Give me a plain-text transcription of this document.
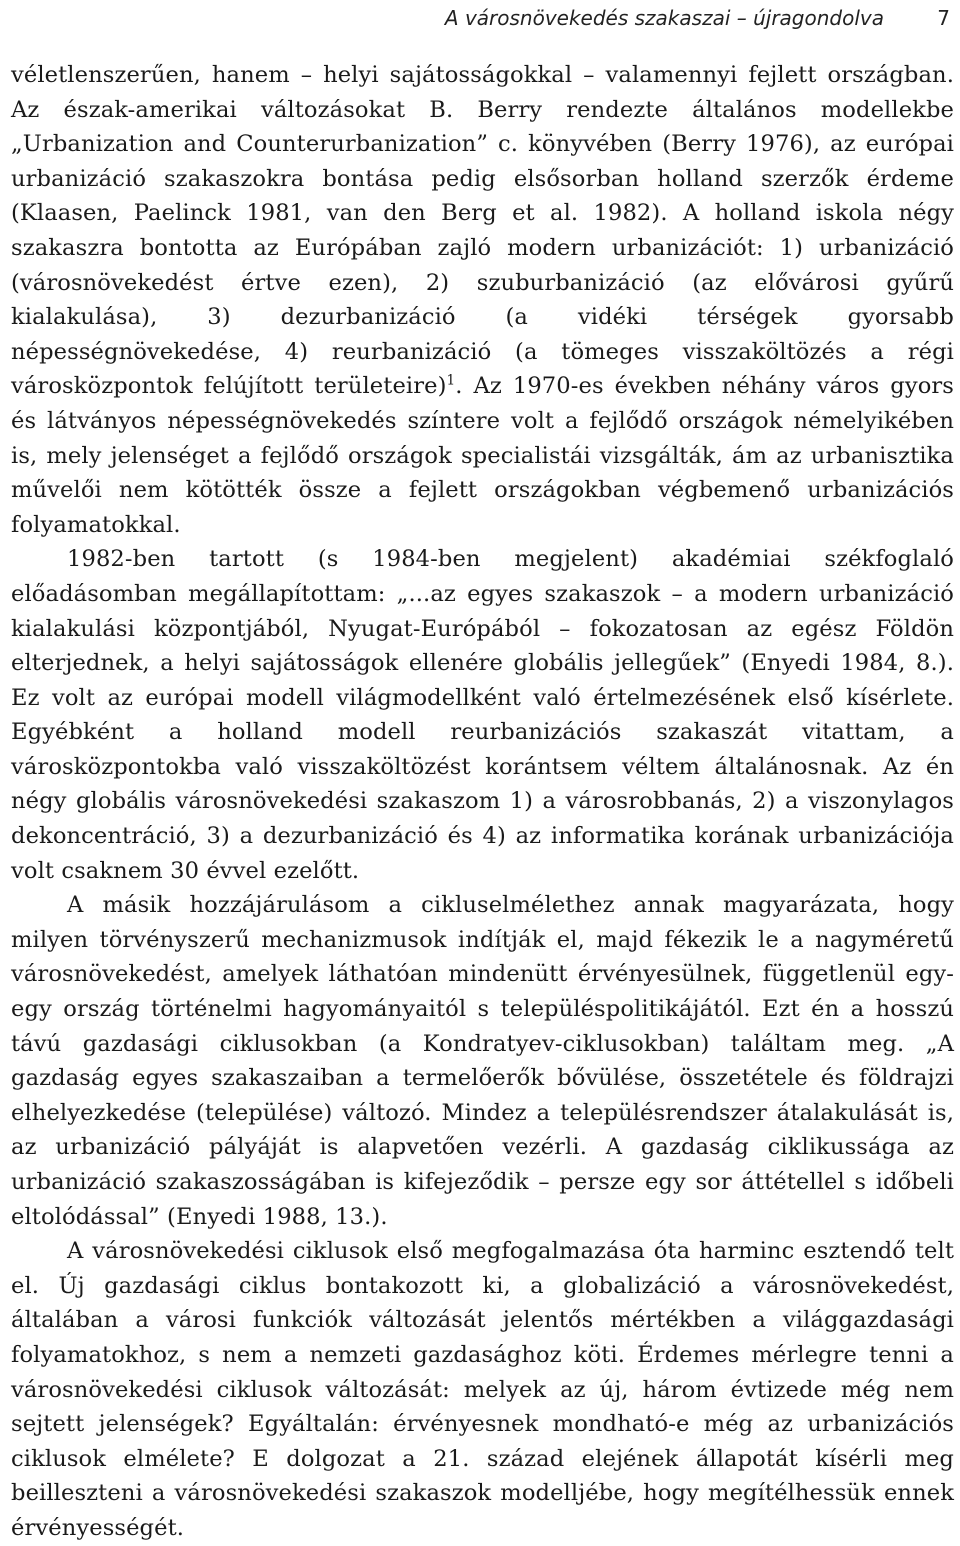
A városnövekedés szakaszai – újragondolva	7

véletlenszerűen, hanem – helyi sajátosságokkal – valamennyi fejlett országban. Az észak-amerikai változásokat B. Berry rendezte általános modellekbe „Urbanization and Counterurbanization” c. könyvében (Berry 1976), az európai urbanizáció szakaszokra bontása pedig elsősorban holland szerzők érdeme (Klaasen, Paelinck 1981, van den Berg et al. 1982). A holland iskola négy szakaszra bontotta az Európában zajló modern urbanizációt: 1) urbanizáció (városnövekedést értve ezen), 2) szuburbanizáció (az elővárosi gyűrű kialakulása), 3) dezurbanizáció (a vidéki térségek gyorsabb népességnövekedése, 4) reurbanizáció (a tömeges visszaköltözés a régi városközpontok felújított területeire)$^1$. Az 1970-es években néhány város gyors és látványos népességnövekedés színtere volt a fejlődő országok némelyikében is, mely jelenséget a fejlődő országok specialistái vizsgálták, ám az urbanisztika művelői nem kötötték össze a fejlett országokban végbemenő urbanizációs folyamatokkal.

1982-ben tartott (s 1984-ben megjelent) akadémiai székfoglaló előadásomban megállapítottam: „...az egyes szakaszok – a modern urbanizáció kialakulási központjából, Nyugat-Európából – fokozatosan az egész Földön elterjednek, a helyi sajátosságok ellenére globális jellegűek” (Enyedi 1984, 8.). Ez volt az európai modell világmodellként való értelmezésének első kísérlete. Egyébként a holland modell reurbanizációs szakaszát vitattam, a városközpontokba való visszaköltözést korántsem véltem általánosnak. Az én négy globális városnövekedési szakaszom 1) a városrobbanás, 2) a viszonylagos dekoncentráció, 3) a dezurbanizáció és 4) az informatika korának urbanizációja volt csaknem 30 évvel ezelőtt.

A másik hozzájárulásom a cikluselmélethez annak magyarázata, hogy milyen törvényszerű mechanizmusok indítják el, majd fékezik le a nagyméretű városnövekedést, amelyek láthatóan mindenütt érvényesülnek, függetlenül egy-egy ország történelmi hagyományaitól s településpolitikájától. Ezt én a hosszú távú gazdasági ciklusokban (a Kondratyev-ciklusokban) találtam meg. „A gazdaság egyes szakaszaiban a termelőerők bővülése, összetétele és földrajzi elhelyezkedése (települése) változó. Mindez a településrendszer átalakulását is, az urbanizáció pályáját is alapvetően vezérli. A gazdaság ciklikussága az urbanizáció szakaszosságában is kifejeződik – persze egy sor áttétellel s időbeli eltolódással” (Enyedi 1988, 13.).

A városnövekedési ciklusok első megfogalmazása óta harminc esztendő telt el. Új gazdasági ciklus bontakozott ki, a globalizáció a városnövekedést, általában a városi funkciók változását jelentős mértékben a világgazdasági folyamatokhoz, s nem a nemzeti gazdasághoz köti. Érdemes mérlegre tenni a városnövekedési ciklusok változását: melyek az új, három évtizede még nem sejtett jelenségek? Egyáltalán: érvényesnek mondható-e még az urbanizációs ciklusok elmélete? E dolgozat a 21. század elejének állapotát kísérli meg beilleszteni a városnövekedési szakaszok modelljébe, hogy megítélhessük ennek érvényességét.
